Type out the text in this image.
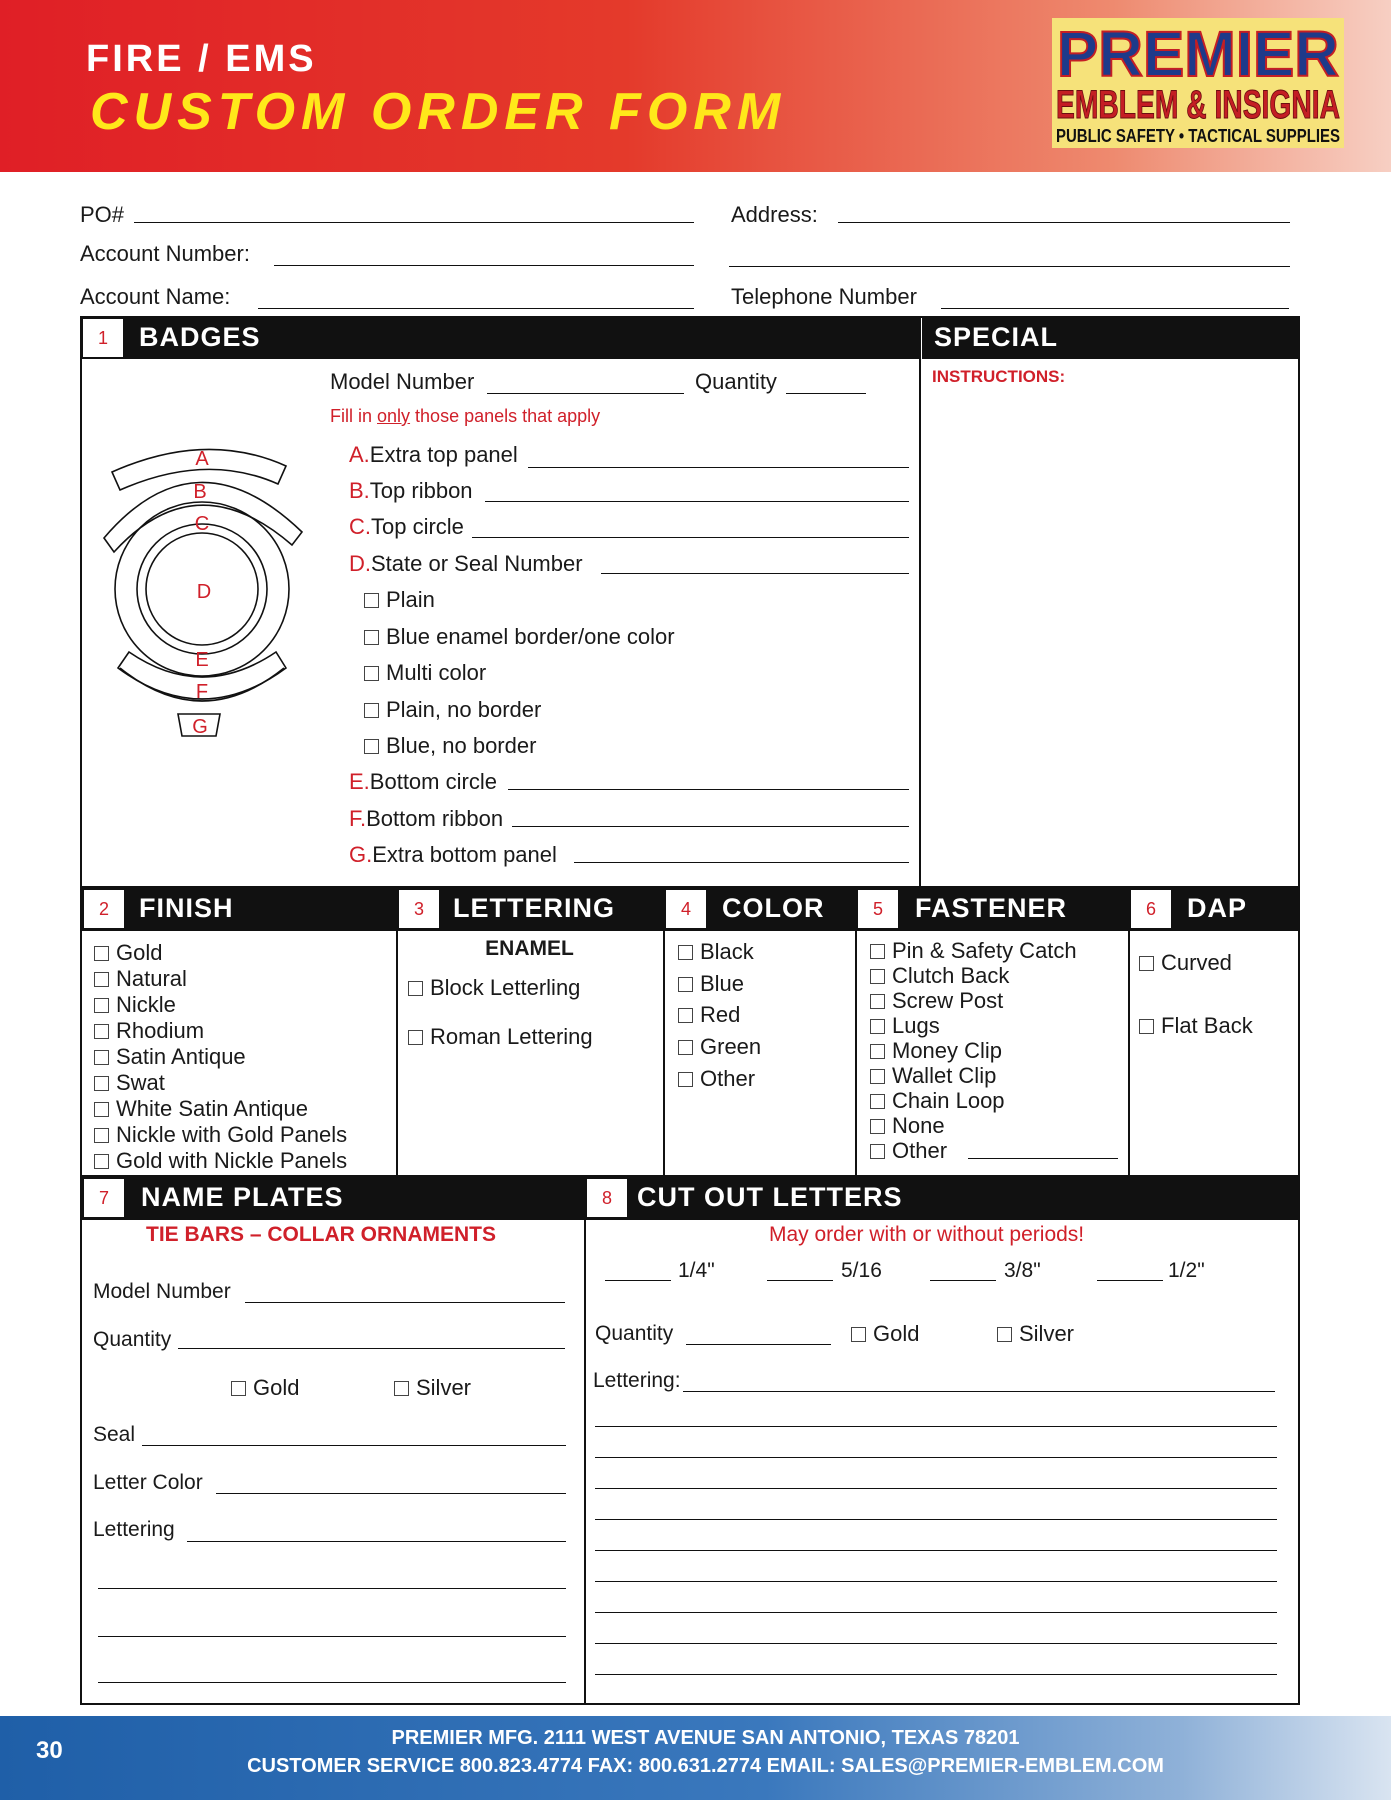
FIRE / EMS
CUSTOM ORDER FORM
PREMIER
EMBLEM & INSIGNIA
PUBLIC SAFETY • TACTICAL SUPPLIES
PO#
Account Number:
Account Name:
Address:
Telephone Number
1	BADGES	SPECIAL
INSTRUCTIONS:
Model Number	Quantity
Fill in only those panels that apply
A.Extra top panel
B.Top ribbon
C.Top circle
D.State or Seal Number
Plain
Blue enamel border/one color
Multi color
Plain, no border
Blue, no border
E.Bottom circle
F.Bottom ribbon
G.Extra bottom panel
A
B
C
D
E
F
G
2	FINISH	3	LETTERING	4	COLOR	5	FASTENER	6	DAP
Gold
Natural
Nickle
Rhodium
Satin Antique
Swat
White Satin Antique
Nickle with Gold Panels
Gold with Nickle Panels
ENAMEL
Block Letterling
Roman Lettering
Black
Blue
Red
Green
Other
Pin & Safety Catch
Clutch Back
Screw Post
Lugs
Money Clip
Wallet Clip
Chain Loop
None
Other
Curved
Flat Back
7	NAME PLATES	8 CUT OUT LETTERS
TIE BARS – COLLAR ORNAMENTS
Model Number
Quantity
Gold	Silver
Seal
Letter Color
Lettering
May order with or without periods!
1/4"	5/16	3/8"	1/2"
Quantity	Gold	Silver
Lettering:
30	PREMIER MFG. 2111 WEST AVENUE SAN ANTONIO, TEXAS 78201
CUSTOMER SERVICE 800.823.4774 FAX: 800.631.2774 EMAIL: SALES@PREMIER-EMBLEM.COM
